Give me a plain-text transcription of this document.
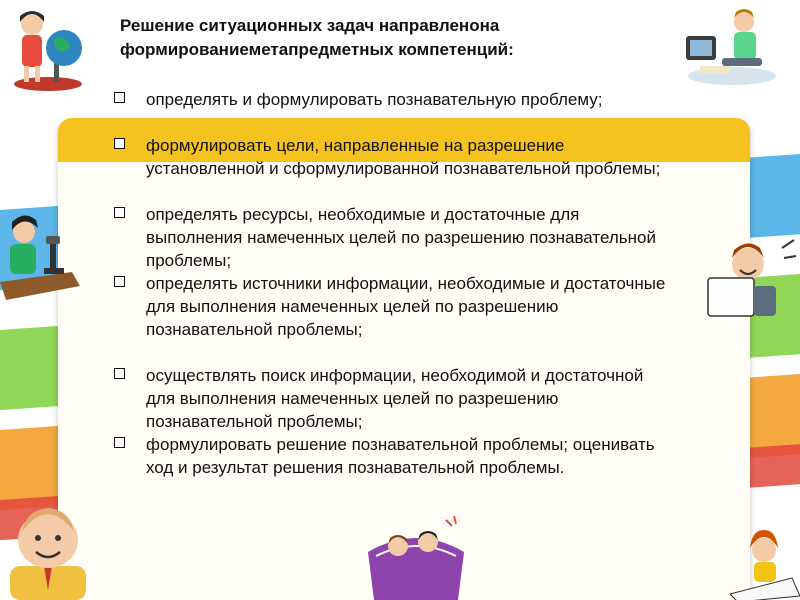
Решение ситуационных задач направленона
формированиеметапредметных компетенций:
определять и формулировать познавательную проблему;
формулировать цели, направленные на разрешение установленной и сформулированной познавательной проблемы;
определять ресурсы, необходимые и достаточные для выполнения намеченных целей по разрешению познавательной проблемы;
определять источники информации, необходимые и достаточные для выполнения намеченных целей по разрешению познавательной проблемы;
осуществлять поиск информации, необходимой и достаточной для выполнения намеченных целей по разрешению познавательной проблемы;
формулировать решение познавательной проблемы; оценивать ход и результат решения познавательной проблемы.
